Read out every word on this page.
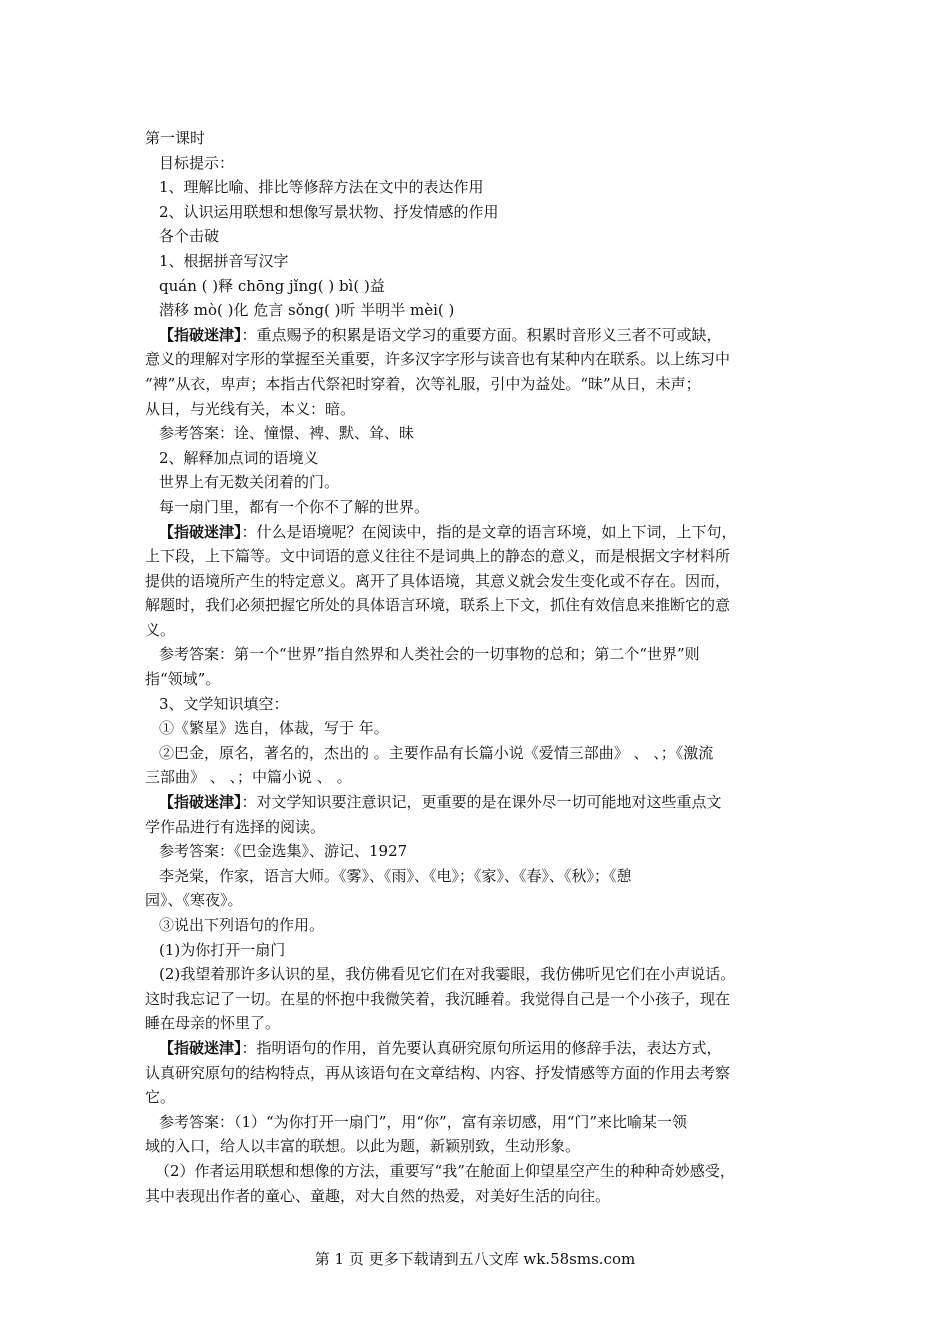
第一课时
目标提示：
1、理解比喻、排比等修辞方法在文中的表达作用
2、认识运用联想和想像写景状物、抒发情感的作用
各个击破
1、根据拼音写汉字
quán ( )释 chōng jǐng( ) bì( )益
潜移 mò( )化 危言 sǒng( )听 半明半 mèi( )
【指破迷津】：重点赐予的积累是语文学习的重要方面。积累时音形义三者不可或缺，
意义的理解对字形的掌握至关重要，许多汉字字形与读音也有某种内在联系。以上练习中
“裨”从衣，卑声；本指古代祭祀时穿着，次等礼服，引中为益处。“昧”从日，未声；
从日，与光线有关，本义：暗。
参考答案：诠、憧憬、裨、默、耸、昧
2、解释加点词的语境义
世界上有无数关闭着的门。
每一扇门里，都有一个你不了解的世界。
【指破迷津】：什么是语境呢？在阅读中，指的是文章的语言环境，如上下词，上下句，
上下段，上下篇等。文中词语的意义往往不是词典上的静态的意义，而是根据文字材料所
提供的语境所产生的特定意义。离开了具体语境，其意义就会发生变化或不存在。因而，
解题时，我们必须把握它所处的具体语言环境，联系上下文，抓住有效信息来推断它的意
义。
参考答案：第一个“世界”指自然界和人类社会的一切事物的总和；第二个“世界”则
指“领域”。
3、文学知识填空：
①《繁星》选自，体裁，写于 年。
②巴金，原名，著名的，杰出的 。主要作品有长篇小说《爱情三部曲》 、 、；《激流
三部曲》 、 、；中篇小说 、 。
【指破迷津】：对文学知识要注意识记，更重要的是在课外尽一切可能地对这些重点文
学作品进行有选择的阅读。
参考答案：《巴金选集》、游记、1927
李尧棠，作家，语言大师。《雾》、《雨》、《电》；《家》、《春》、《秋》；《憩
园》、《寒夜》。
③说出下列语句的作用。
(1)为你打开一扇门
(2)我望着那许多认识的星，我仿佛看见它们在对我霎眼，我仿佛听见它们在小声说话。
这时我忘记了一切。在星的怀抱中我微笑着，我沉睡着。我觉得自己是一个小孩子，现在
睡在母亲的怀里了。
【指破迷津】：指明语句的作用，首先要认真研究原句所运用的修辞手法，表达方式，
认真研究原句的结构特点，再从该语句在文章结构、内容、抒发情感等方面的作用去考察
它。
参考答案：（1）“为你打开一扇门”，用“你”，富有亲切感，用“门”来比喻某一领
域的入口，给人以丰富的联想。以此为题，新颖别致，生动形象。
（2）作者运用联想和想像的方法，重要写“我”在舱面上仰望星空产生的种种奇妙感受，
其中表现出作者的童心、童趣，对大自然的热爱，对美好生活的向往。
第 1 页 更多下载请到五八文库 wk.58sms.com
